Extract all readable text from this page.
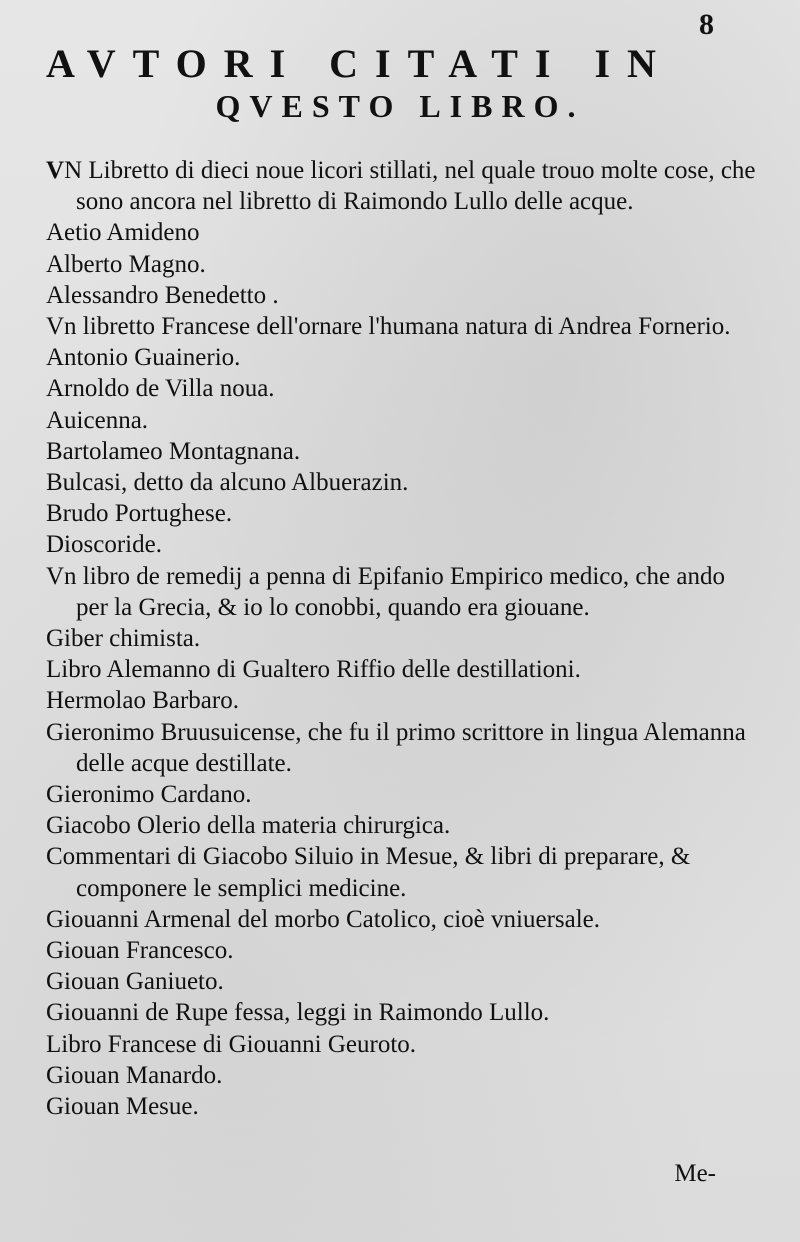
8
AVTORI CITATI IN
QVESTO LIBRO.

VN Libretto di dieci noue licori stillati, nel quale trouo molte cose, che sono ancora nel libretto di Raimondo Lullo delle acque.

Aetio Amideno

Alberto Magno.

Alessandro Benedetto .

Vn libretto Francese dell'ornare l'humana natura di Andrea Fornerio.

Antonio Guainerio.

Arnoldo de Villa noua.

Auicenna.

Bartolameo Montagnana.

Bulcasi, detto da alcuno Albuerazin.

Brudo Portughese.

Dioscoride.

Vn libro de remedij a penna di Epifanio Empirico medico, che ando per la Grecia, & io lo conobbi, quando era giouane.

Giber chimista.

Libro Alemanno di Gualtero Riffio delle destillationi.

Hermolao Barbaro.

Gieronimo Bruusuicense, che fu il primo scrittore in lingua Alemanna delle acque destillate.

Gieronimo Cardano.

Giacobo Olerio della materia chirurgica.

Commentari di Giacobo Siluio in Mesue, & libri di preparare, & componere le semplici medicine.

Giouanni Armenal del morbo Catolico, cioè vniuersale.

Giouan Francesco.

Giouan Ganiueto.

Giouanni de Rupe fessa, leggi in Raimondo Lullo.

Libro Francese di Giouanni Geuroto.

Giouan Manardo.

Giouan Mesue.

Me-
